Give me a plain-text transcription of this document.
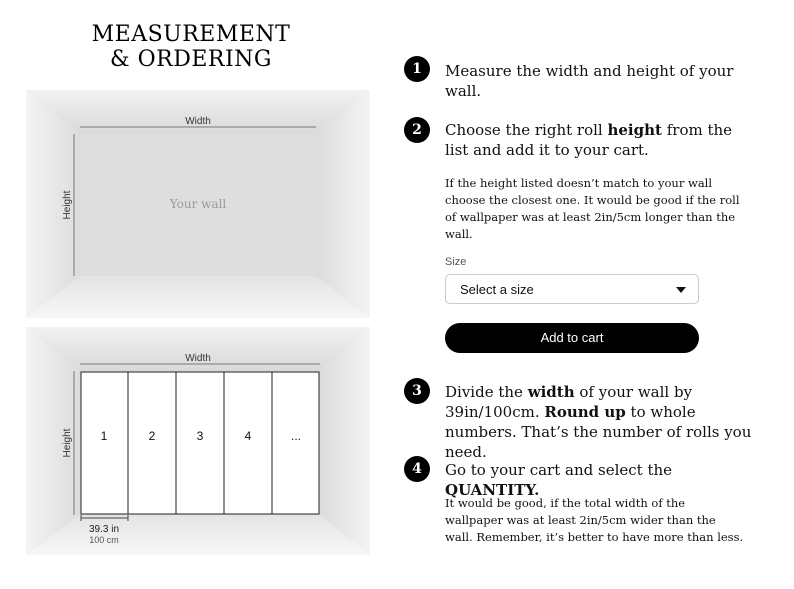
MEASUREMENT
& ORDERING
Width
Height	Your wall
Width
Height 1	2	3	4	...
39.3 in
100 cm
1	Measure the width and height of your wall.
2	Choose the right roll height from the list and add it to your cart.
If the height listed doesn’t match to your wall choose the closest one. It would be good if the roll of wallpaper was at least 2in/5cm longer than the wall.
Size
Select a size
Add to cart
3	Divide the width of your wall by 39in/100cm. Round up to whole numbers. That’s the number of rolls you need.
4	Go to your cart and select the QUANTITY.
It would be good, if the total width of the wallpaper was at least 2in/5cm wider than the wall. Remember, it’s better to have more than less.
